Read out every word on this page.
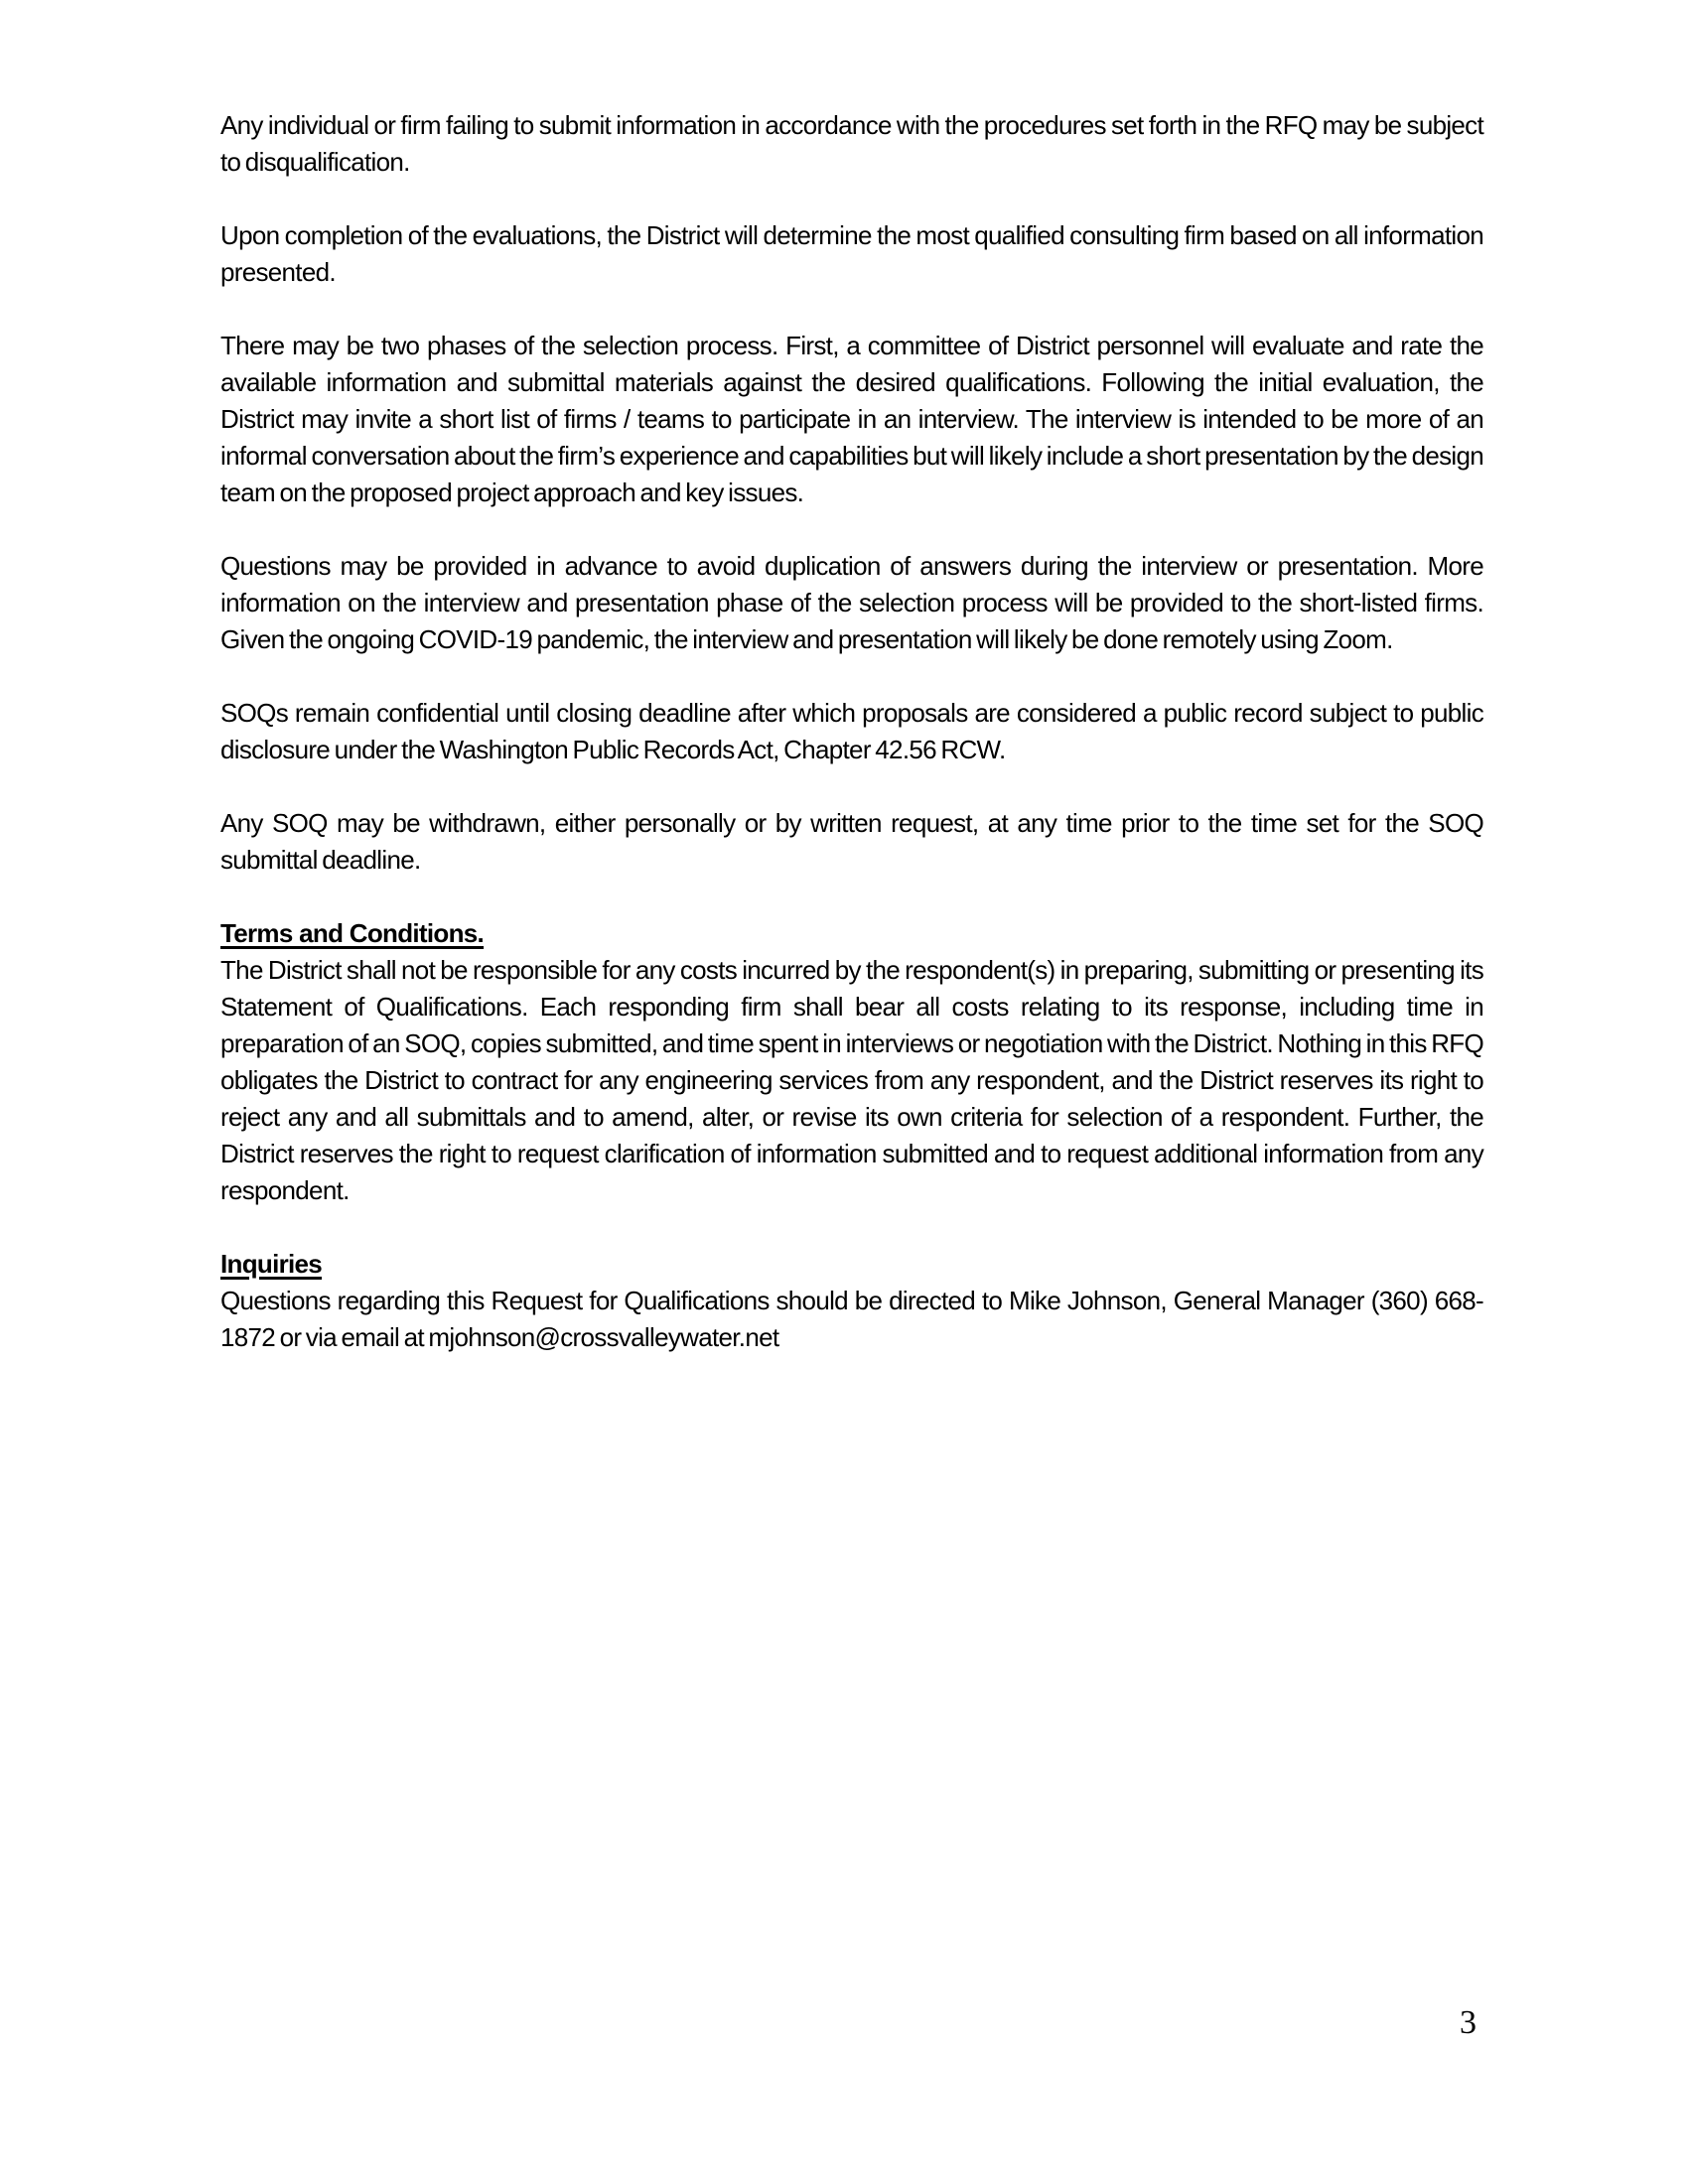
Any individual or firm failing to submit information in accordance with the procedures set forth in the RFQ may be subject to disqualification.

Upon completion of the evaluations, the District will determine the most qualified consulting firm based on all information presented.

There may be two phases of the selection process. First, a committee of District personnel will evaluate and rate the available information and submittal materials against the desired qualifications. Following the initial evaluation, the District may invite a short list of firms / teams to participate in an interview. The interview is intended to be more of an informal conversation about the firm’s experience and capabilities but will likely include a short presentation by the design team on the proposed project approach and key issues.

Questions may be provided in advance to avoid duplication of answers during the interview or presentation. More information on the interview and presentation phase of the selection process will be provided to the short-listed firms. Given the ongoing COVID-19 pandemic, the interview and presentation will likely be done remotely using Zoom.

SOQs remain confidential until closing deadline after which proposals are considered a public record subject to public disclosure under the Washington Public Records Act, Chapter 42.56 RCW.

Any SOQ may be withdrawn, either personally or by written request, at any time prior to the time set for the SOQ submittal deadline.

Terms and Conditions.

The District shall not be responsible for any costs incurred by the respondent(s) in preparing, submitting or presenting its Statement of Qualifications. Each responding firm shall bear all costs relating to its response, including time in preparation of an SOQ, copies submitted, and time spent in interviews or negotiation with the District. Nothing in this RFQ obligates the District to contract for any engineering services from any respondent, and the District reserves its right to reject any and all submittals and to amend, alter, or revise its own criteria for selection of a respondent. Further, the District reserves the right to request clarification of information submitted and to request additional information from any respondent.

Inquiries

Questions regarding this Request for Qualifications should be directed to Mike Johnson, General Manager (360) 668-1872 or via email at mjohnson@crossvalleywater.net

3
